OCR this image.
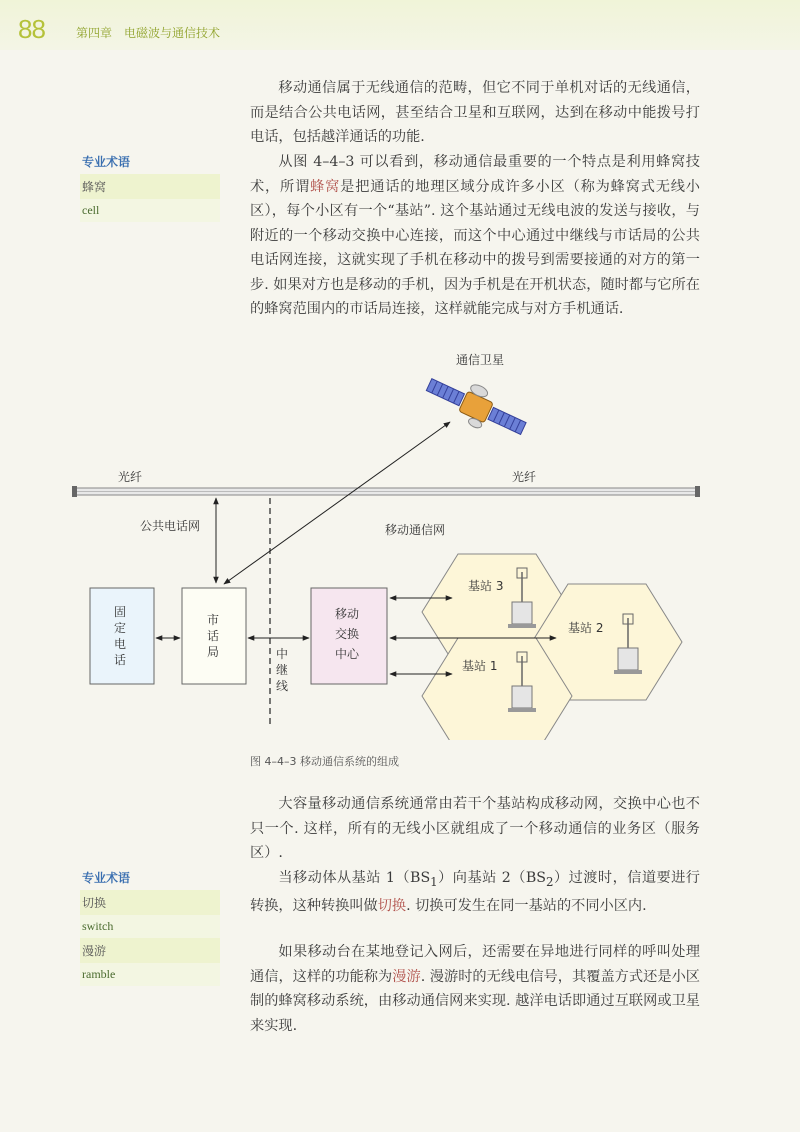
88	第四章 电磁波与通信技术

移动通信属于无线通信的范畴，但它不同于单机对话的无线通信，而是结合公共电话网，甚至结合卫星和互联网，达到在移动中能拨号打电话，包括越洋通话的功能.

专业术语
蜂窝
cell

从图 4–4–3 可以看到，移动通信最重要的一个特点是利用蜂窝技术，所谓蜂窝是把通话的地理区域分成许多小区（称为蜂窝式无线小区），每个小区有一个“基站”. 这个基站通过无线电波的发送与接收，与附近的一个移动交换中心连接，而这个中心通过中继线与市话局的公共电话网连接，这就实现了手机在移动中的拨号到需要接通的对方的第一步. 如果对方也是移动的手机，因为手机是在开机状态，随时都与它所在的蜂窝范围内的市话局连接，这样就能完成与对方手机通话.

通信卫星
光纤	光纤
公共电话网	移动通信网
固
定
电
话
市
话
局	中
继
线
移动
交换
中心
基站 3
基站 2
基站 1
图 4–4–3 移动通信系统的组成

大容量移动通信系统通常由若干个基站构成移动网，交换中心也不只一个. 这样，所有的无线小区就组成了一个移动通信的业务区（服务区）.

专业术语
切换
switch
漫游
ramble

当移动体从基站 $1(BS_1)$向基站 $2(BS_2)$过渡时，信道要进行转换，这种转换叫做切换. 切换可发生在同一基站的不同小区内.

如果移动台在某地登记入网后，还需要在异地进行同样的呼叫处理通信，这样的功能称为漫游. 漫游时的无线电信号，其覆盖方式还是小区制的蜂窝移动系统，由移动通信网来实现. 越洋电话即通过互联网或卫星来实现.
